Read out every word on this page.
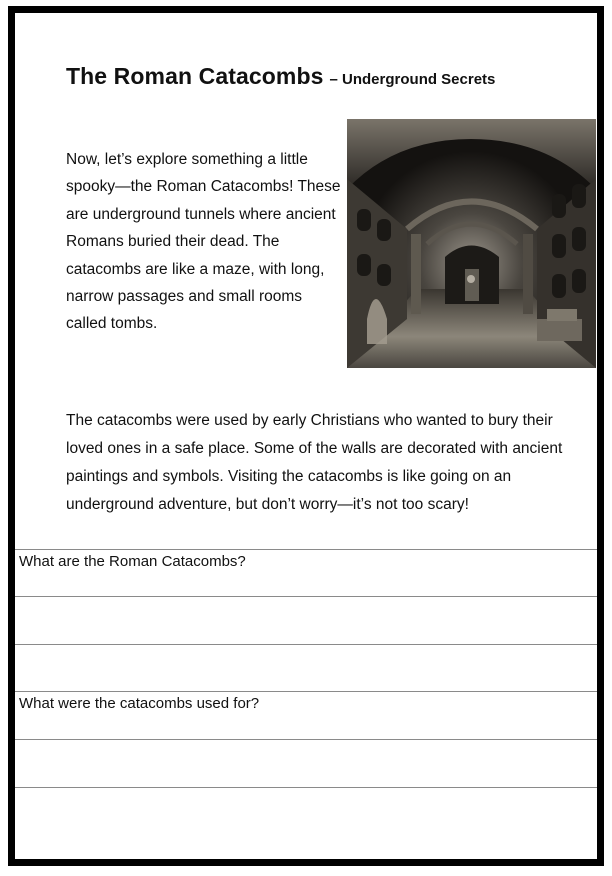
The Roman Catacombs – Underground Secrets

Now, let’s explore something a little spooky—the Roman Catacombs! These are underground tunnels where ancient Romans buried their dead. The catacombs are like a maze, with long, narrow passages and small rooms called tombs.

The catacombs were used by early Christians who wanted to bury their loved ones in a safe place. Some of the walls are decorated with ancient paintings and symbols. Visiting the catacombs is like going on an underground adventure, but don’t worry—it’s not too scary!

What are the Roman Catacombs?
What were the catacombs used for?
